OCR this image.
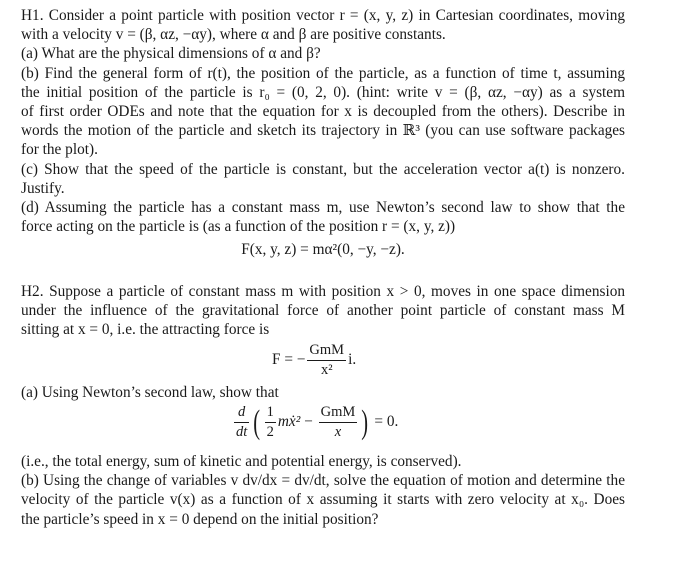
H1. Consider a point particle with position vector r = (x, y, z) in Cartesian coordinates, moving
with a velocity v = (β, αz, −αy), where α and β are positive constants.
(a) What are the physical dimensions of α and β?
(b) Find the general form of r(t), the position of the particle, as a function of time t, assuming
the initial position of the particle is r₀ = (0, 2, 0). (hint: write v = (β, αz, −αy) as a system
of first order ODEs and note that the equation for x is decoupled from the others). Describe in
words the motion of the particle and sketch its trajectory in ℝ³ (you can use software packages
for the plot).
(c) Show that the speed of the particle is constant, but the acceleration vector a(t) is nonzero.
Justify.
(d) Assuming the particle has a constant mass m, use Newton’s second law to show that the
force acting on the particle is (as a function of the position r = (x, y, z))
F(x, y, z) = mα²(0, −y, −z).
H2. Suppose a particle of constant mass m with position x > 0, moves in one space dimension
under the influence of the gravitational force of another point particle of constant mass M
sitting at x = 0, i.e. the attracting force is
F = − $\frac{\text{GmM}}{\text{x²}} i$.
(a) Using Newton’s second law, show that
$\frac{d}{dt}$ ( $\frac{1}{2}$ mẋ² − $\frac{\text{GmM}}{x}$ ) = 0.
(i.e., the total energy, sum of kinetic and potential energy, is conserved).
(b) Using the change of variables v dv/dx = dv/dt, solve the equation of motion and determine the
velocity of the particle v(x) as a function of x assuming it starts with zero velocity at x₀. Does
the particle’s speed in x = 0 depend on the initial position?
